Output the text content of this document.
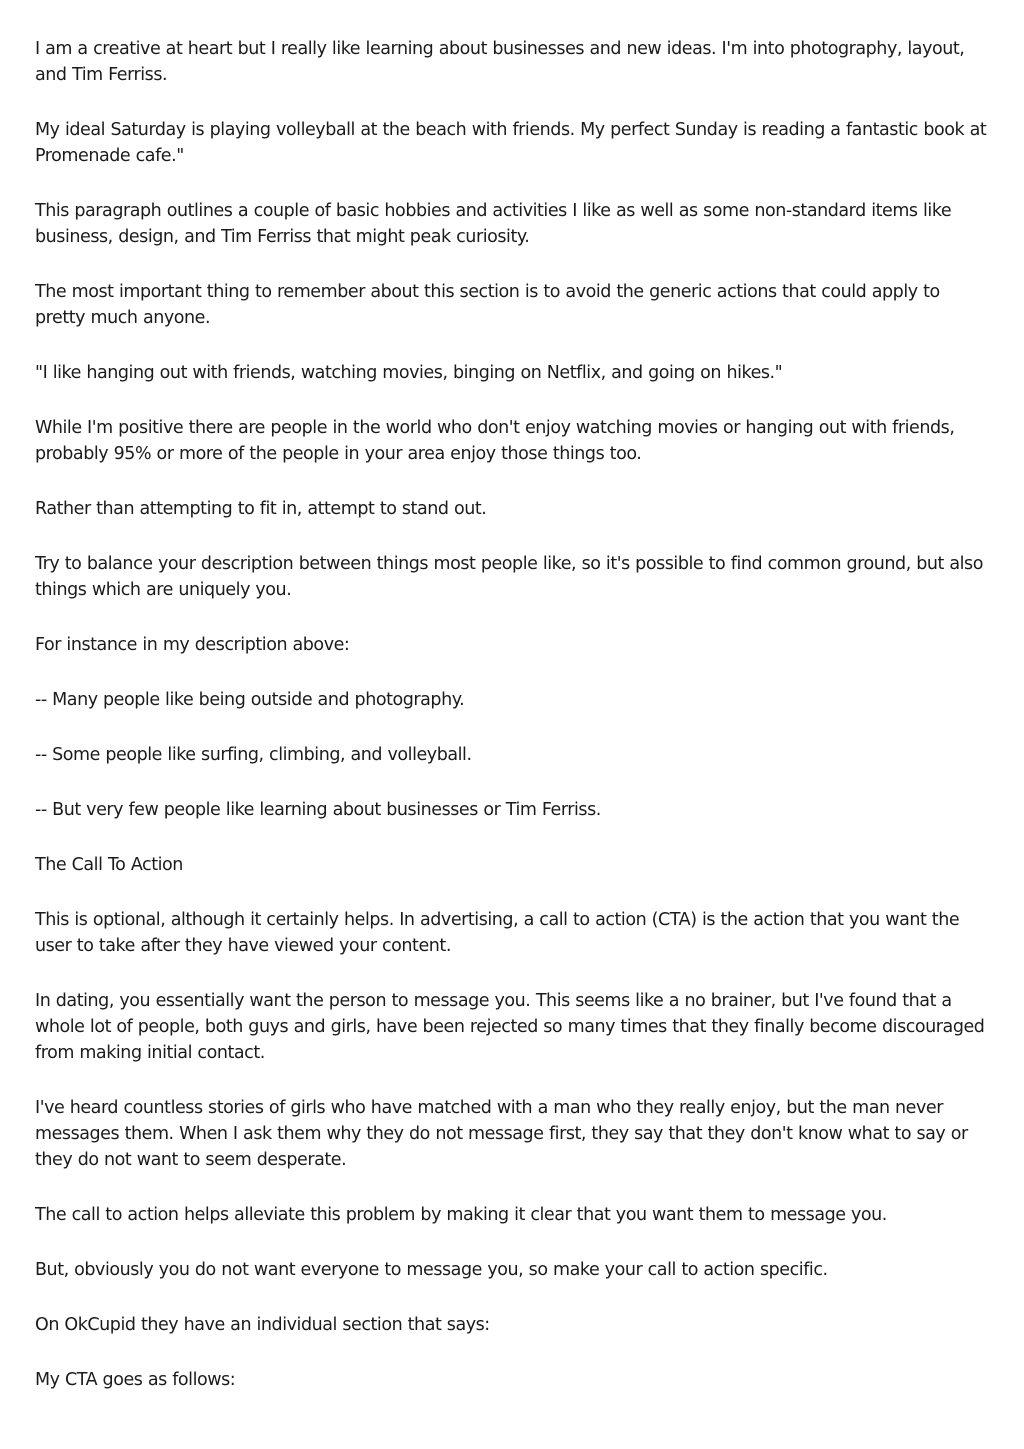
I am a creative at heart but I really like learning about businesses and new ideas. I'm into photography, layout, and Tim Ferriss.

My ideal Saturday is playing volleyball at the beach with friends. My perfect Sunday is reading a fantastic book at Promenade cafe."

This paragraph outlines a couple of basic hobbies and activities I like as well as some non-standard items like business, design, and Tim Ferriss that might peak curiosity.

The most important thing to remember about this section is to avoid the generic actions that could apply to pretty much anyone.

"I like hanging out with friends, watching movies, binging on Netflix, and going on hikes."

While I'm positive there are people in the world who don't enjoy watching movies or hanging out with friends, probably 95% or more of the people in your area enjoy those things too.

Rather than attempting to fit in, attempt to stand out.

Try to balance your description between things most people like, so it's possible to find common ground, but also things which are uniquely you.

For instance in my description above:

-- Many people like being outside and photography.

-- Some people like surfing, climbing, and volleyball.

-- But very few people like learning about businesses or Tim Ferriss.

The Call To Action

This is optional, although it certainly helps. In advertising, a call to action (CTA) is the action that you want the user to take after they have viewed your content.

In dating, you essentially want the person to message you. This seems like a no brainer, but I've found that a whole lot of people, both guys and girls, have been rejected so many times that they finally become discouraged from making initial contact.

I've heard countless stories of girls who have matched with a man who they really enjoy, but the man never messages them. When I ask them why they do not message first, they say that they don't know what to say or they do not want to seem desperate.

The call to action helps alleviate this problem by making it clear that you want them to message you.

But, obviously you do not want everyone to message you, so make your call to action specific.

On OkCupid they have an individual section that says:

My CTA goes as follows:
